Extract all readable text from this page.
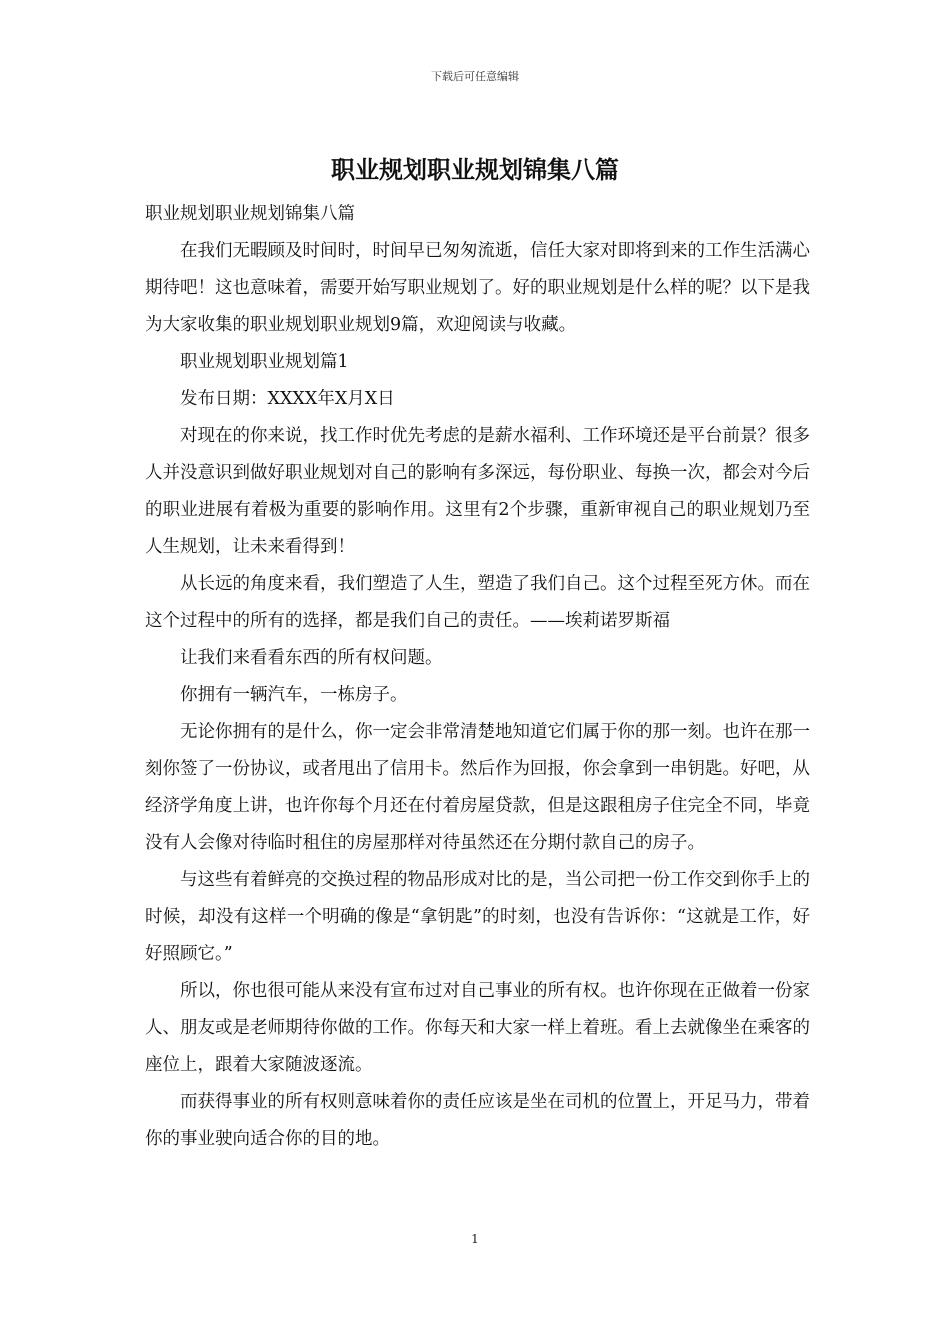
下载后可任意编辑
职业规划职业规划锦集八篇

职业规划职业规划锦集八篇

在我们无暇顾及时间时，时间早已匆匆流逝，信任大家对即将到来的工作生活满心期待吧！这也意味着，需要开始写职业规划了。好的职业规划是什么样的呢？以下是我为大家收集的职业规划职业规划9篇，欢迎阅读与收藏。

职业规划职业规划篇1

发布日期：XXXX年X月X日

对现在的你来说，找工作时优先考虑的是薪水福利、工作环境还是平台前景？很多人并没意识到做好职业规划对自己的影响有多深远，每份职业、每换一次，都会对今后的职业进展有着极为重要的影响作用。这里有2个步骤，重新审视自己的职业规划乃至人生规划，让未来看得到！

从长远的角度来看，我们塑造了人生，塑造了我们自己。这个过程至死方休。而在这个过程中的所有的选择，都是我们自己的责任。——埃莉诺罗斯福

让我们来看看东西的所有权问题。

你拥有一辆汽车，一栋房子。

无论你拥有的是什么，你一定会非常清楚地知道它们属于你的那一刻。也许在那一刻你签了一份协议，或者甩出了信用卡。然后作为回报，你会拿到一串钥匙。好吧，从经济学角度上讲，也许你每个月还在付着房屋贷款，但是这跟租房子住完全不同，毕竟没有人会像对待临时租住的房屋那样对待虽然还在分期付款自己的房子。

与这些有着鲜亮的交换过程的物品形成对比的是，当公司把一份工作交到你手上的时候，却没有这样一个明确的像是“拿钥匙”的时刻，也没有告诉你：“这就是工作，好好照顾它。”

所以，你也很可能从来没有宣布过对自己事业的所有权。也许你现在正做着一份家人、朋友或是老师期待你做的工作。你每天和大家一样上着班。看上去就像坐在乘客的座位上，跟着大家随波逐流。

而获得事业的所有权则意味着你的责任应该是坐在司机的位置上，开足马力，带着你的事业驶向适合你的目的地。

1
